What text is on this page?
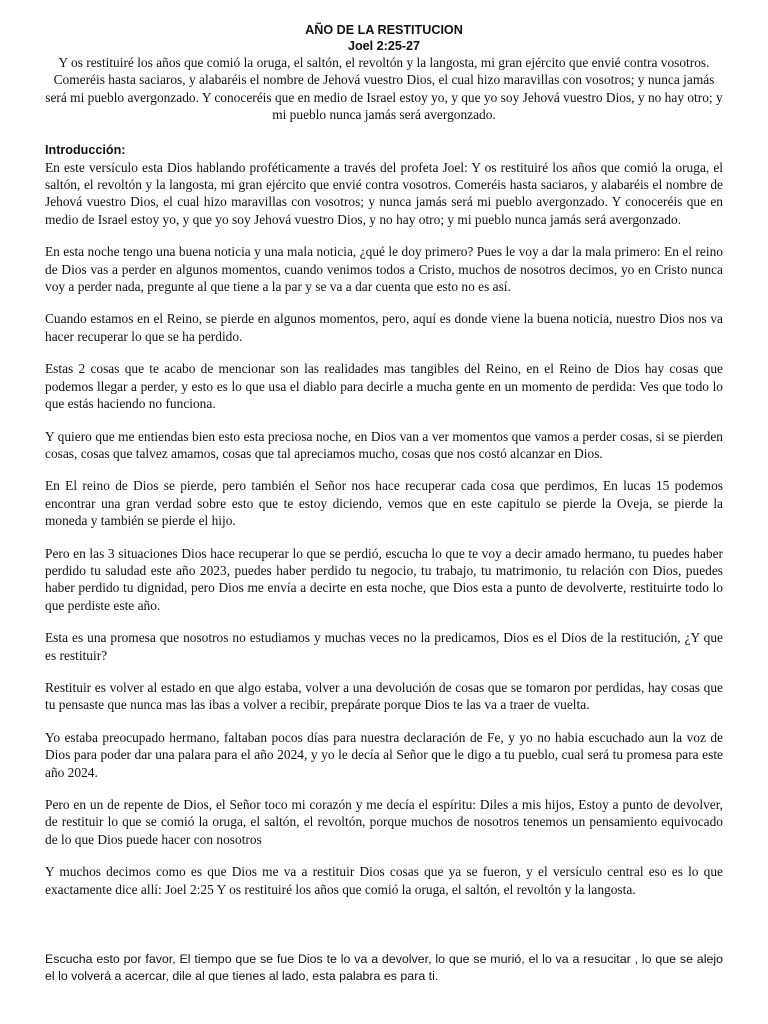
AÑO DE LA RESTITUCION

Joel 2:25-27

Y os restituiré los años que comió la oruga, el saltón, el revoltón y la langosta, mi gran ejército que envié contra vosotros. Comeréis hasta saciaros, y alabaréis el nombre de Jehová vuestro Dios, el cual hizo maravillas con vosotros; y nunca jamás será mi pueblo avergonzado. Y conoceréis que en medio de Israel estoy yo, y que yo soy Jehová vuestro Dios, y no hay otro; y mi pueblo nunca jamás será avergonzado.

Introducción:

En este versículo esta Dios hablando proféticamente a través del profeta Joel: Y os restituiré los años que comió la oruga, el saltón, el revoltón y la langosta, mi gran ejército que envié contra vosotros. Comeréis hasta saciaros, y alabaréis el nombre de Jehová vuestro Dios, el cual hizo maravillas con vosotros; y nunca jamás será mi pueblo avergonzado. Y conoceréis que en medio de Israel estoy yo, y que yo soy Jehová vuestro Dios, y no hay otro; y mi pueblo nunca jamás será avergonzado.

En esta noche tengo una buena noticia y una mala noticia, ¿qué le doy primero? Pues le voy a dar la mala primero: En el reino de Dios vas a perder en algunos momentos, cuando venimos todos a Cristo, muchos de nosotros decimos, yo en Cristo nunca voy a perder nada, pregunte al que tiene a la par y se va a dar cuenta que esto no es así.

Cuando estamos en el Reino, se pierde en algunos momentos, pero, aquí es donde viene la buena noticia, nuestro Dios nos va hacer recuperar lo que se ha perdido.

Estas 2 cosas que te acabo de mencionar son las realidades mas tangibles del Reino, en el Reino de Dios hay cosas que podemos llegar a perder, y esto es lo que usa el diablo para decirle a mucha gente en un momento de perdida: Ves que todo lo que estás haciendo no funciona.

Y quiero que me entiendas bien esto esta preciosa noche, en Dios van a ver momentos que vamos a perder cosas, si se pierden cosas, cosas que talvez amamos, cosas que tal apreciamos mucho, cosas que nos costó alcanzar en Dios.

En El reino de Dios se pierde, pero también el Señor nos hace recuperar cada cosa que perdimos, En lucas 15 podemos encontrar una gran verdad sobre esto que te estoy diciendo, vemos que en este capitulo se pierde la Oveja, se pierde la moneda y también se pierde el hijo.

Pero en las 3 situaciones Dios hace recuperar lo que se perdió, escucha lo que te voy a decir amado hermano, tu puedes haber perdido tu saludad este año 2023, puedes haber perdido tu negocio, tu trabajo, tu matrimonio, tu relación con Dios, puedes haber perdido tu dignidad, pero Dios me envía a decirte en esta noche, que Dios esta a punto de devolverte, restituirte todo lo que perdiste este año.

Esta es una promesa que nosotros no estudiamos y muchas veces no la predicamos, Dios es el Dios de la restitución, ¿Y que es restituir?

Restituir es volver al estado en que algo estaba, volver a una devolución de cosas que se tomaron por perdidas, hay cosas que tu pensaste que nunca mas las ibas a volver a recibir, prepárate porque Dios te las va a traer de vuelta.

Yo estaba preocupado hermano, faltaban pocos días para nuestra declaración de Fe, y yo no habia escuchado aun la voz de Dios para poder dar una palara para el año 2024, y yo le decía al Señor que le digo a tu pueblo, cual será tu promesa para este año 2024.

Pero en un de repente de Dios, el Señor toco mi corazón y me decía el espíritu: Diles a mis hijos, Estoy a punto de devolver, de restituir lo que se comió la oruga, el saltón, el revoltón, porque muchos de nosotros tenemos un pensamiento equivocado de lo que Dios puede hacer con nosotros

Y muchos decimos como es que Dios me va a restituir Dios cosas que ya se fueron, y el versículo central eso es lo que exactamente dice allí: Joel 2:25 Y os restituiré los años que comió la oruga, el saltón, el revoltón y la langosta.

Escucha esto por favor, El tiempo que se fue Dios te lo va a devolver, lo que se murió, el lo va a resucitar , lo que se alejo el lo volverá a acercar, dile al que tienes al lado, esta palabra es para ti.
